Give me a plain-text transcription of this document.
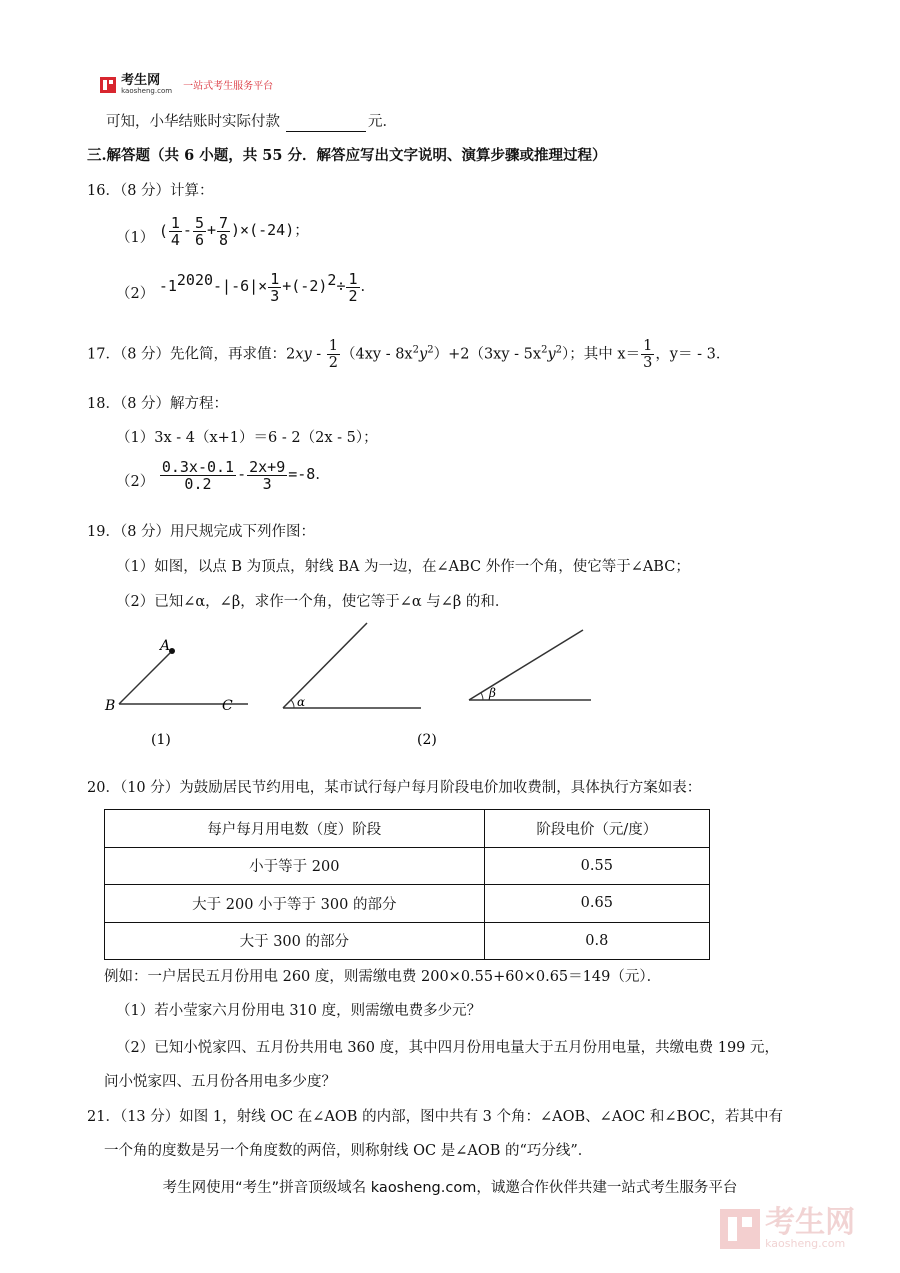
考生网
kaosheng.com 一站式考生服务平台
可知，小华结账时实际付款	元．
三.解答题（共 6 小题，共 55 分．解答应写出文字说明、演算步骤或推理过程）
16．（8 分）计算：
（1） ( $\frac{1}{4} - \frac{5}{6} + \frac{7}{8} )\times(-24)$；
（2） $-1^{2020}-|-6|\times \frac{1}{3} +(-2)^2\div \frac{1}{2}$ .
17．（8 分）先化简，再求值：$2xy - \frac{1}{2} (4xy - 8x^2y^2)+2(3xy - 5x^2y^2)$；其中 $x= \frac{1}{3}$ ，y＝ - 3．
18．（8 分）解方程：
（1）3x - 4（x+1）＝6 - 2（2x - 5）；
$(2) \frac{0.3x-0.1}{0.2} - \frac{2x+9}{3} =-8$.
19．（8 分）用尺规完成下列作图：
（1）如图，以点 B 为顶点，射线 BA 为一边，在∠ABC 外作一个角，使它等于∠ABC；
（2）已知∠α，∠β，求作一个角，使它等于∠α 与∠β 的和．
A
B	C
(1)
α
(2)
β
20．（10 分）为鼓励居民节约用电，某市试行每户每月阶段电价加收费制，具体执行方案如表：
每户每月用电数（度）阶段	阶段电价（元/度）
小于等于 200	0.55
大于 200 小于等于 300 的部分	0.65
大于 300 的部分	0.8
例如：一户居民五月份用电 260 度，则需缴电费 200×0.55+60×0.65＝149（元）．
（1）若小莹家六月份用电 310 度，则需缴电费多少元？
（2）已知小悦家四、五月份共用电 360 度，其中四月份用电量大于五月份用电量，共缴电费 199 元，
问小悦家四、五月份各用电多少度？
21．（13 分）如图 1，射线 OC 在∠AOB 的内部，图中共有 3 个角：∠AOB、∠AOC 和∠BOC，若其中有
一个角的度数是另一个角度数的两倍，则称射线 OC 是∠AOB 的“巧分线”．
考生网使用“考生”拼音顶级域名 kaosheng.com，诚邀合作伙伴共建一站式考生服务平台

考生网
kaosheng.com
